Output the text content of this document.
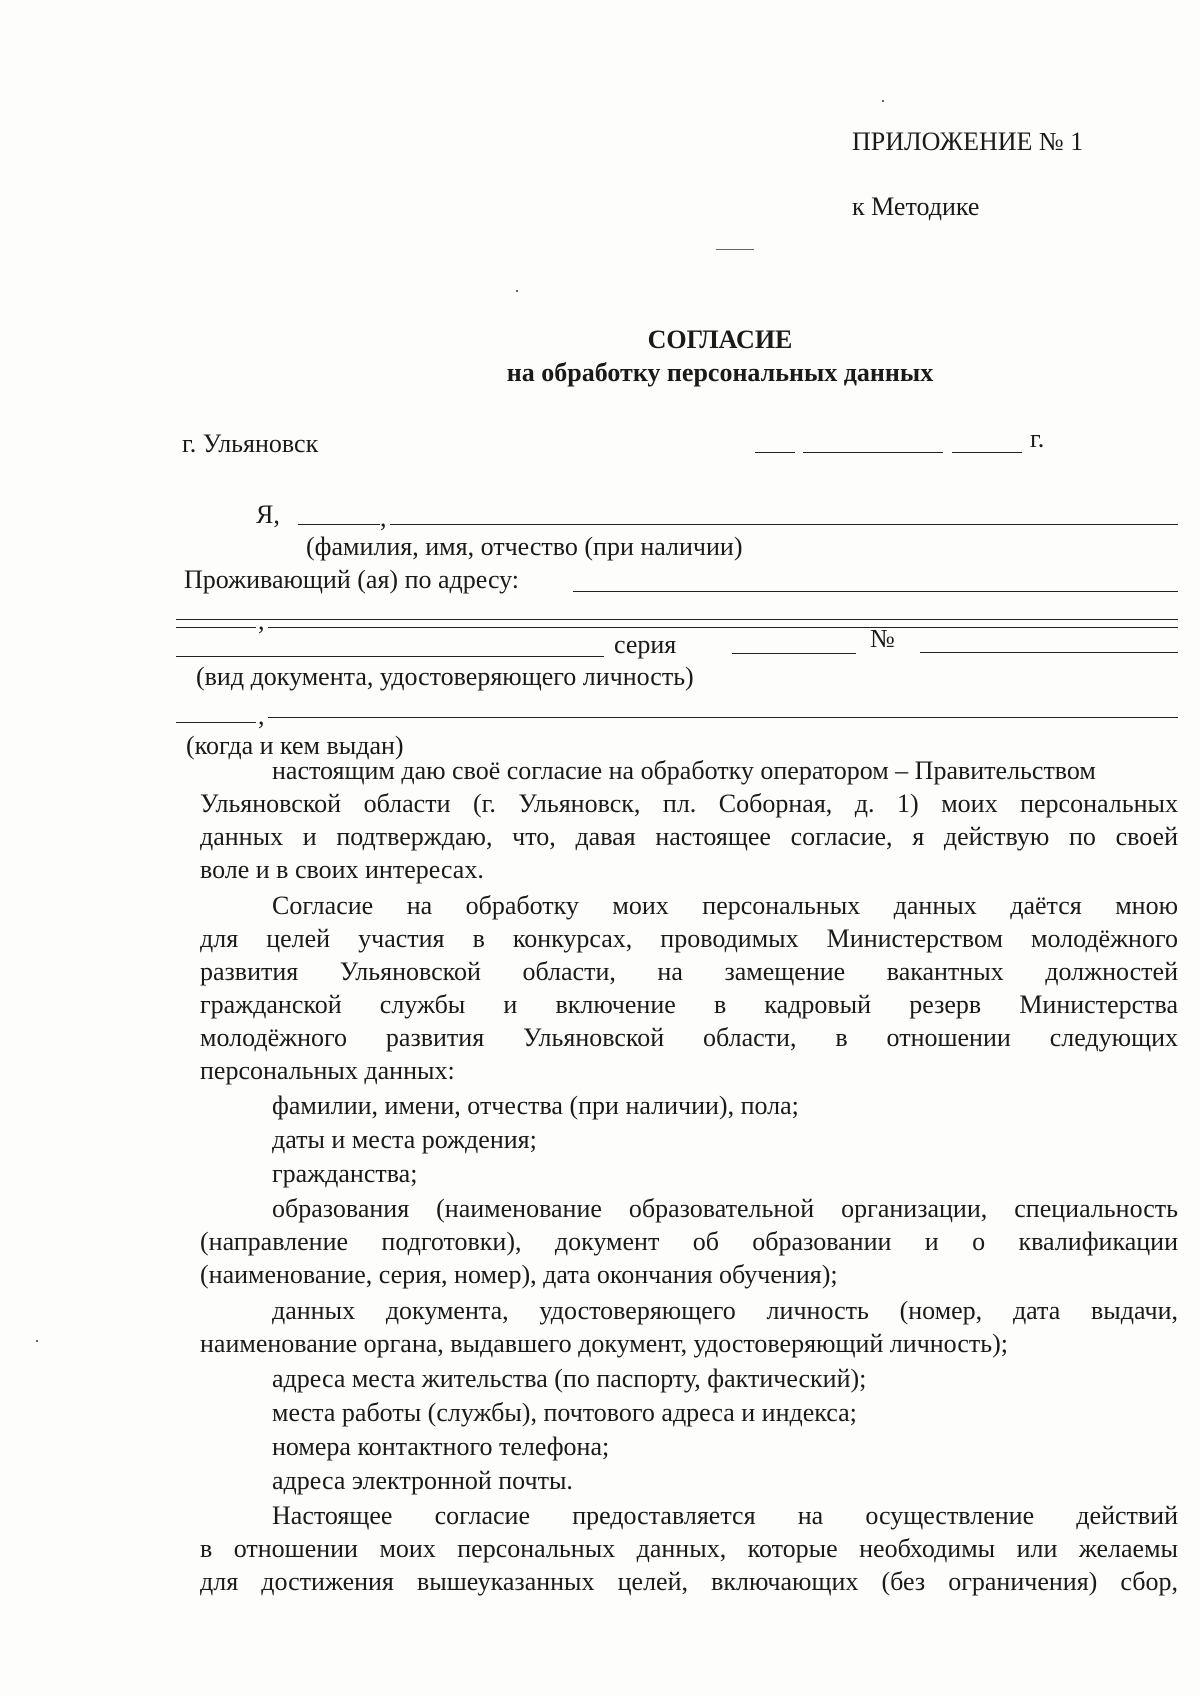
ПРИЛОЖЕНИЕ № 1
к Методике
СОГЛАСИЕ
на обработку персональных данных
г. Ульяновск	г.
Я,	,
(фамилия, имя, отчество (при наличии)
Проживающий (ая) по адресу:
,
серия	№
(вид документа, удостоверяющего личность)
,
(когда и кем выдан)
настоящим даю своё согласие на обработку оператором – Правительством
Ульяновской области (г. Ульяновск, пл. Соборная, д. 1) моих персональных
данных и подтверждаю, что, давая настоящее согласие, я действую по своей
воле и в своих интересах.
Согласие на обработку моих персональных данных даётся мною
для целей участия в конкурсах, проводимых Министерством молодёжного
развития Ульяновской области, на замещение вакантных должностей
гражданской службы и включение в кадровый резерв Министерства
молодёжного развития Ульяновской области, в отношении следующих
персональных данных:
фамилии, имени, отчества (при наличии), пола;
даты и места рождения;
гражданства;
образования (наименование образовательной организации, специальность
(направление подготовки), документ об образовании и о квалификации
(наименование, серия, номер), дата окончания обучения);
данных документа, удостоверяющего личность (номер, дата выдачи,
наименование органа, выдавшего документ, удостоверяющий личность);
адреса места жительства (по паспорту, фактический);
места работы (службы), почтового адреса и индекса;
номера контактного телефона;
адреса электронной почты.
Настоящее согласие предоставляется на осуществление действий
в отношении моих персональных данных, которые необходимы или желаемы
для достижения вышеуказанных целей, включающих (без ограничения) сбор,
